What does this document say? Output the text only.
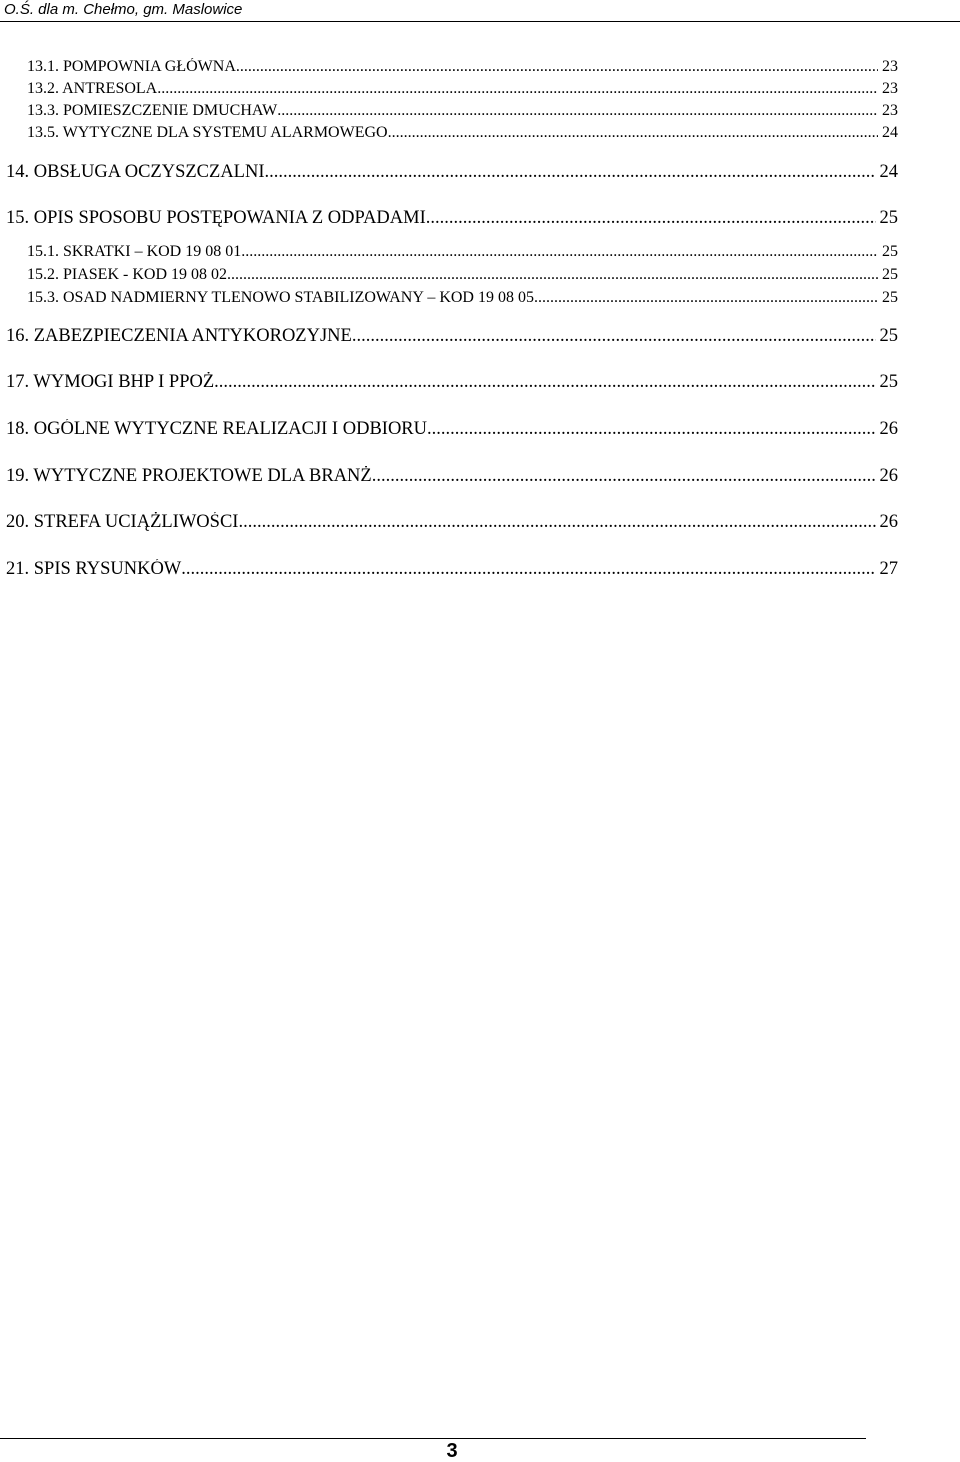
O.Ś. dla m. Chełmo, gm. Maslowice
13.1. POMPOWNIA GŁÓWNA .....	23
13.2. ANTRESOLA .....	23
13.3. POMIESZCZENIE DMUCHAW .....	23
13.5. WYTYCZNE DLA SYSTEMU ALARMOWEGO .....	24
14. OBSŁUGA OCZYSZCZALNI .....	24
15. OPIS SPOSOBU POSTĘPOWANIA Z ODPADAMI .....	25
15.1. SKRATKI – KOD 19 08 01 .....	25
15.2. PIASEK - KOD 19 08 02 .....	25
15.3. OSAD NADMIERNY TLENOWO STABILIZOWANY – KOD 19 08 05 .....	25
16. ZABEZPIECZENIA ANTYKOROZYJNE .....	25
17. WYMOGI BHP I PPOŻ .....	25
18. OGÓLNE WYTYCZNE REALIZACJI I ODBIORU .....	26
19. WYTYCZNE PROJEKTOWE DLA BRANŻ .....	26
20. STREFA UCIĄŻLIWOŚCI .....	26
21. SPIS RYSUNKÓW .....	27
3
